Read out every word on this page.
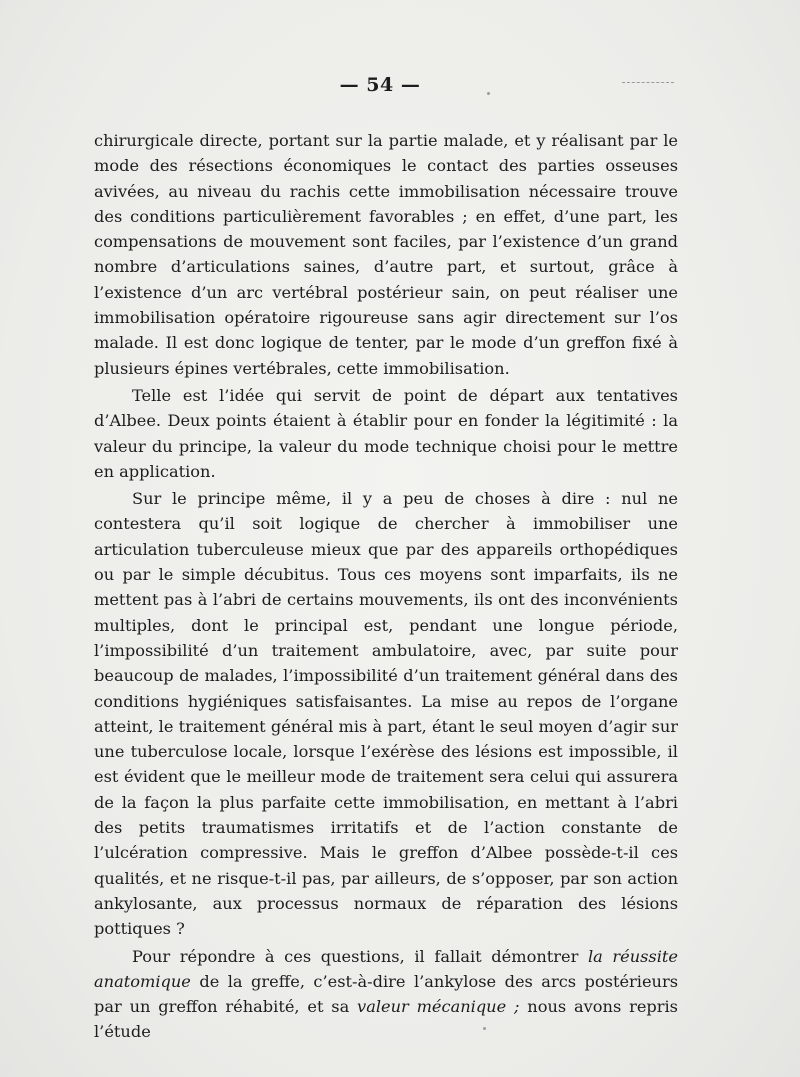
— 54 —

chirurgicale directe, portant sur la partie malade, et y réalisant par le mode des résections économiques le contact des parties osseuses avivées, au niveau du rachis cette immobilisation nécessaire trouve des conditions particulièrement favorables ; en effet, d’une part, les compensations de mouvement sont faciles, par l’existence d’un grand nombre d’articulations saines, d’autre part, et surtout, grâce à l’existence d’un arc vertébral postérieur sain, on peut réaliser une immobilisation opératoire rigoureuse sans agir directement sur l’os malade. Il est donc logique de tenter, par le mode d’un greffon fixé à plusieurs épines vertébrales, cette immobilisation.

Telle est l’idée qui servit de point de départ aux tentatives d’Albee. Deux points étaient à établir pour en fonder la légitimité : la valeur du principe, la valeur du mode technique choisi pour le mettre en application.

Sur le principe même, il y a peu de choses à dire : nul ne contestera qu’il soit logique de chercher à immobiliser une articulation tuberculeuse mieux que par des appareils orthopédiques ou par le simple décubitus. Tous ces moyens sont imparfaits, ils ne mettent pas à l’abri de certains mouvements, ils ont des inconvénients multiples, dont le principal est, pendant une longue période, l’impossibilité d’un traitement ambulatoire, avec, par suite pour beaucoup de malades, l’impossibilité d’un traitement général dans des conditions hygiéniques satisfaisantes. La mise au repos de l’organe atteint, le traitement général mis à part, étant le seul moyen d’agir sur une tuberculose locale, lorsque l’exérèse des lésions est impossible, il est évident que le meilleur mode de traitement sera celui qui assurera de la façon la plus parfaite cette immobilisation, en mettant à l’abri des petits traumatismes irritatifs et de l’action constante de l’ulcération compressive. Mais le greffon d’Albee possède-t-il ces qualités, et ne risque-t-il pas, par ailleurs, de s’opposer, par son action ankylosante, aux processus normaux de réparation des lésions pottiques ?

Pour répondre à ces questions, il fallait démontrer la réussite anatomique de la greffe, c’est-à-dire l’ankylose des arcs postérieurs par un greffon réhabité, et sa valeur mécanique ; nous avons repris l’étude
